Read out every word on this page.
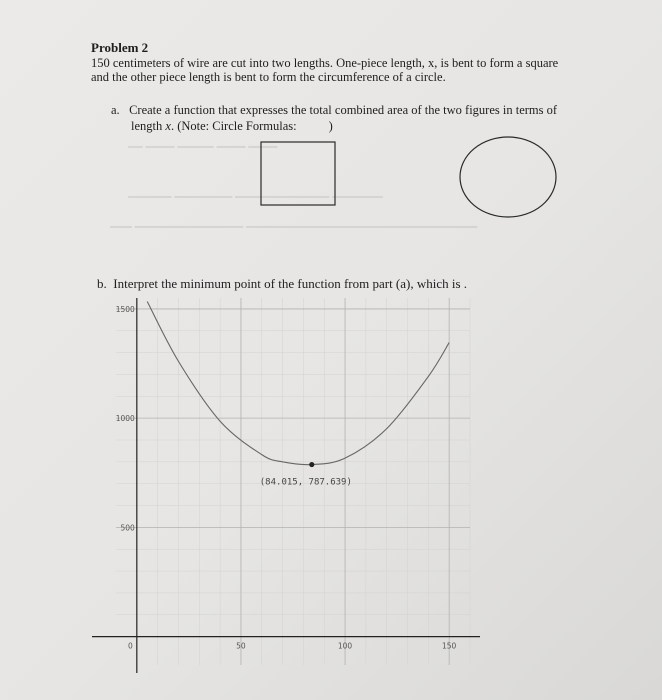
Problem 2
150 centimeters of wire are cut into two lengths. One-piece length, x, is bent to form a square
and the other piece length is bent to form the circumference of a circle.
a. Create a function that expresses the total combined area of the two figures in terms of
length x. (Note: Circle Formulas:	)
━━ ━━━━ ━━━━━ ━━━━ ━━━━
━━━━━━ ━━━━━━━━ ━━━━━━━━━━━━━ ━━━━━━━
━━━ ━━━━━━━━━━━━━━━ ━━━━━━━━━━━━━━━━━━━━━━━━━━━━━━━━
b. Interpret the minimum point of the function from part (a), which is .
1500
1000
500
0	50	100	150
(84.015, 787.639)
